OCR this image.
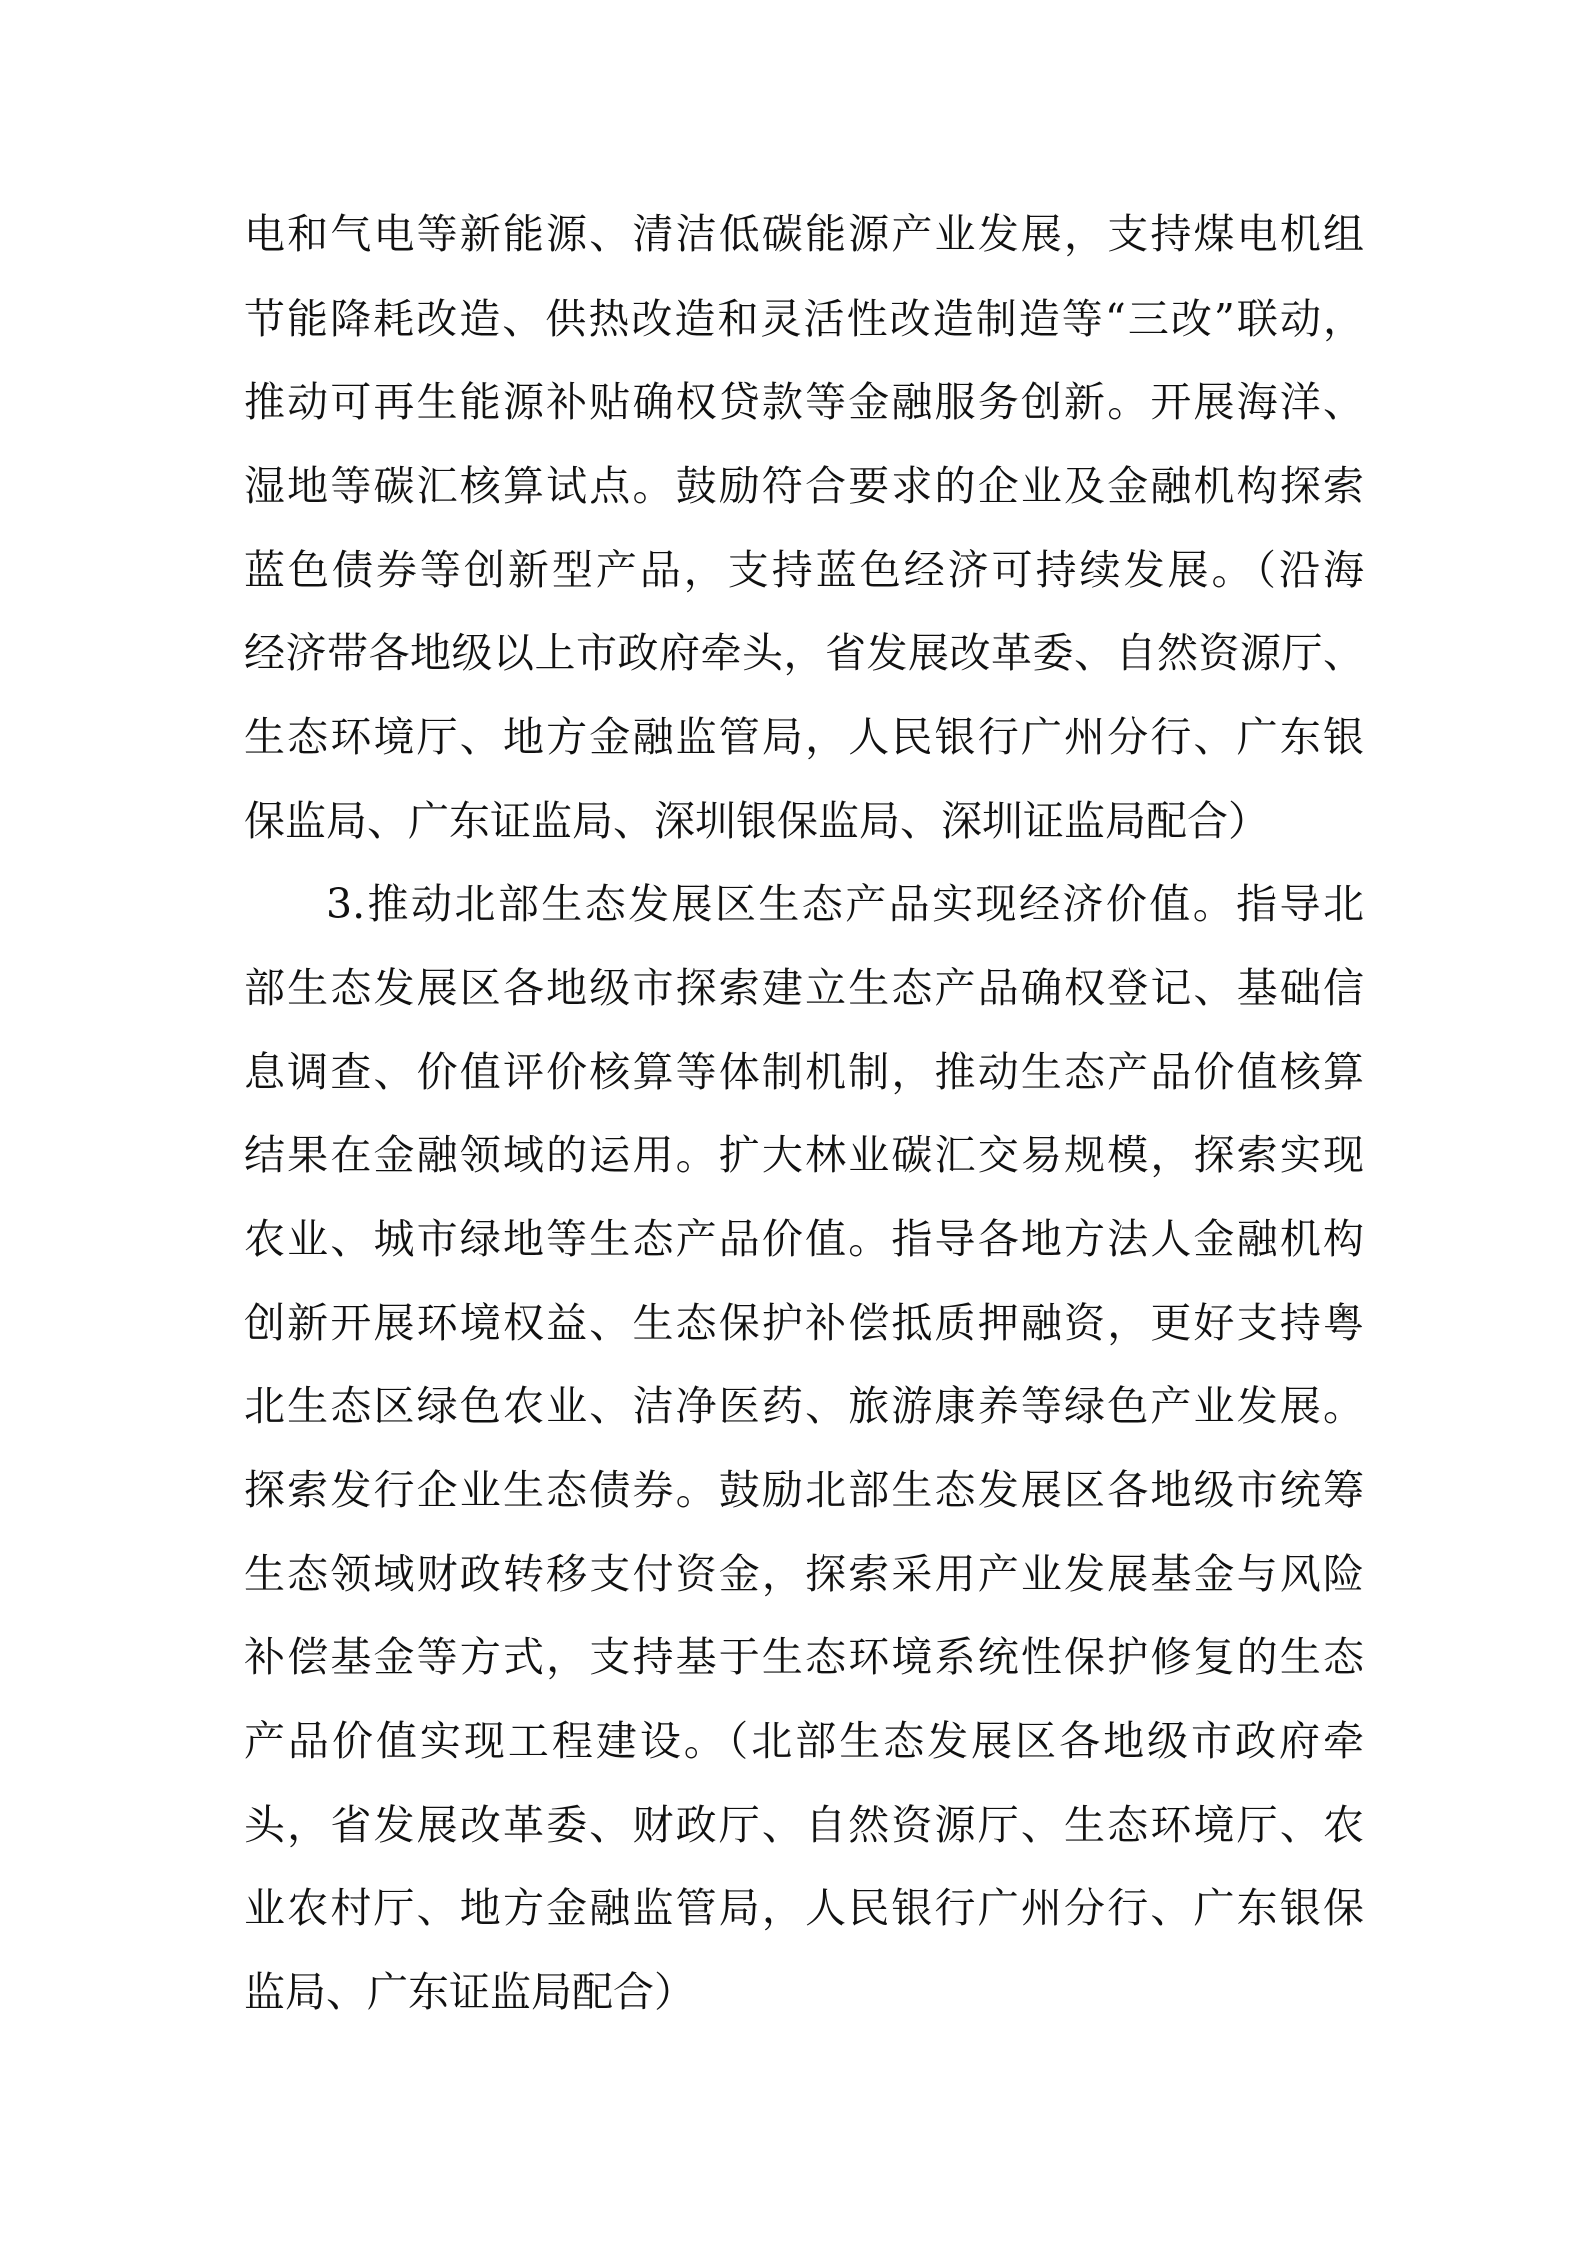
电和气电等新能源、清洁低碳能源产业发展，支持煤电机组
节能降耗改造、供热改造和灵活性改造制造等“三改”联动，
推动可再生能源补贴确权贷款等金融服务创新。开展海洋、
湿地等碳汇核算试点。鼓励符合要求的企业及金融机构探索
蓝色债券等创新型产品，支持蓝色经济可持续发展。（沿海
经济带各地级以上市政府牵头，省发展改革委、自然资源厅、
生态环境厅、地方金融监管局，人民银行广州分行、广东银
保监局、广东证监局、深圳银保监局、深圳证监局配合）
3.推动北部生态发展区生态产品实现经济价值。指导北
部生态发展区各地级市探索建立生态产品确权登记、基础信
息调查、价值评价核算等体制机制，推动生态产品价值核算
结果在金融领域的运用。扩大林业碳汇交易规模，探索实现
农业、城市绿地等生态产品价值。指导各地方法人金融机构
创新开展环境权益、生态保护补偿抵质押融资，更好支持粤
北生态区绿色农业、洁净医药、旅游康养等绿色产业发展。
探索发行企业生态债券。鼓励北部生态发展区各地级市统筹
生态领域财政转移支付资金，探索采用产业发展基金与风险
补偿基金等方式，支持基于生态环境系统性保护修复的生态
产品价值实现工程建设。（北部生态发展区各地级市政府牵
头，省发展改革委、财政厅、自然资源厅、生态环境厅、农
业农村厅、地方金融监管局，人民银行广州分行、广东银保
监局、广东证监局配合）
